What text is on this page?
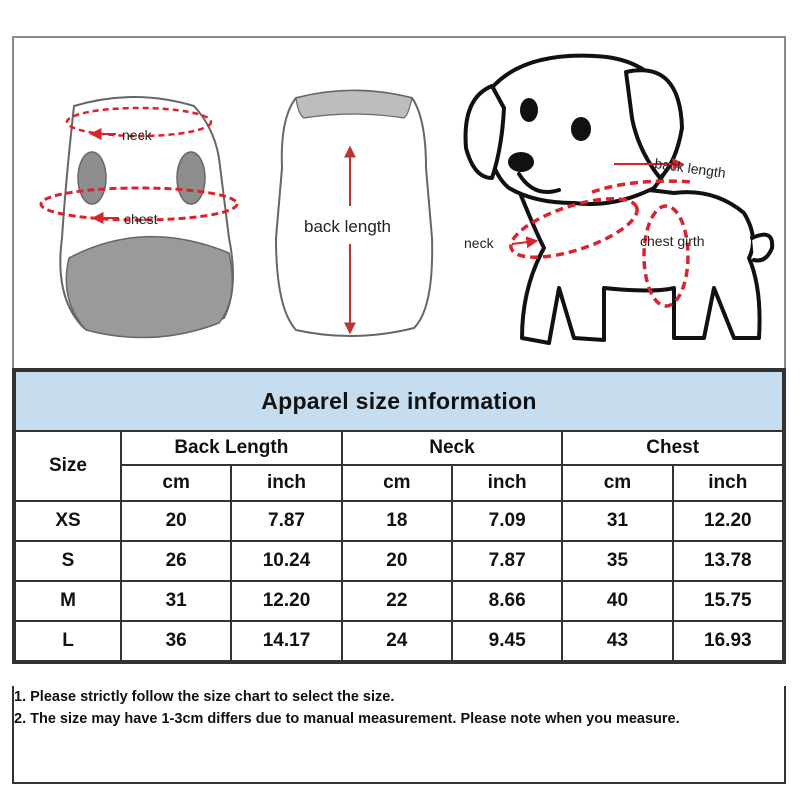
neck
chest	back length
back length
neck	chest girth
Apparel size information						
Size	Back Length		Neck		Chest	
	cm	inch	cm	inch	cm	inch
XS	20	7.87	18	7.09	31	12.20
S	26	10.24	20	7.87	35	13.78
M	31	12.20	22	8.66	40	15.75
L	36	14.17	24	9.45	43	16.93
1. Please strictly follow the size chart to select the size.
2. The size may have 1-3cm differs due to manual measurement. Please note when you measure.
